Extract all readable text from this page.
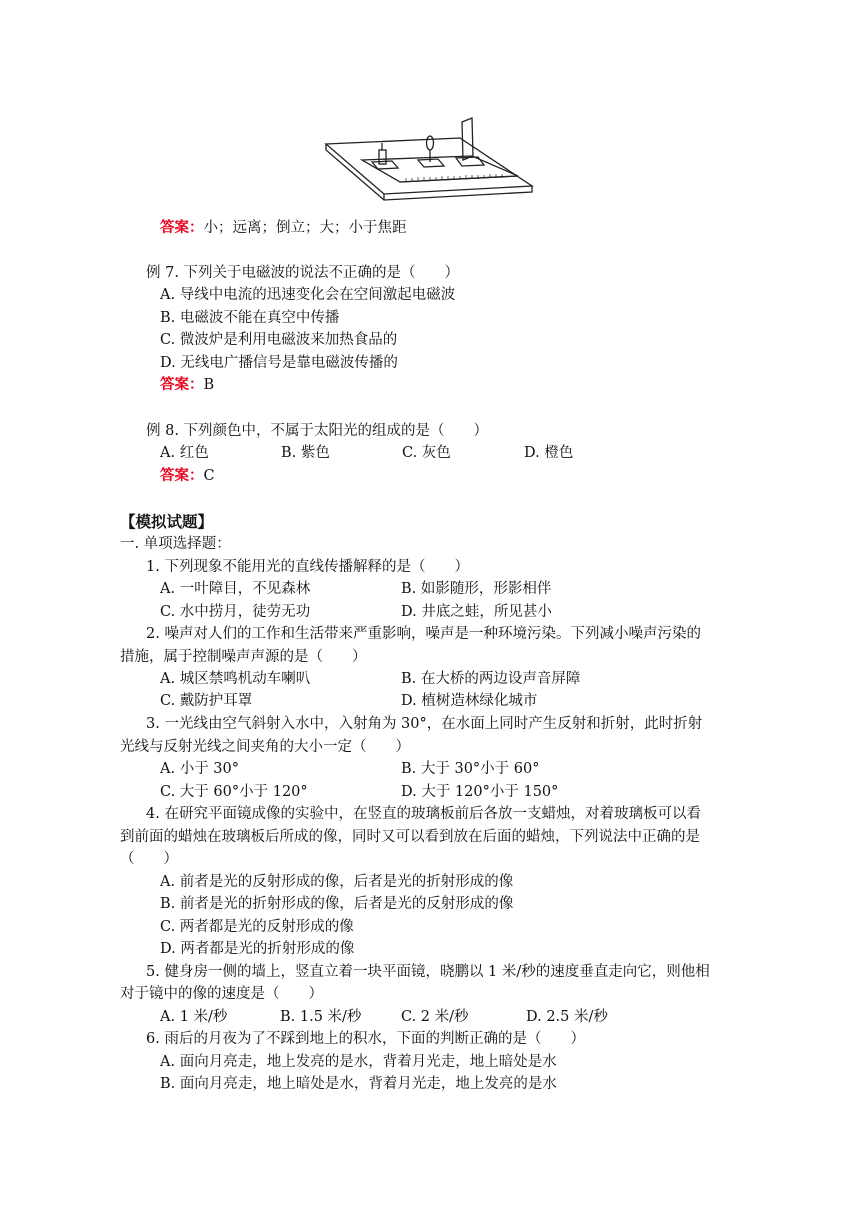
答案：小；远离；倒立；大；小于焦距
例 7. 下列关于电磁波的说法不正确的是（　　）
A. 导线中电流的迅速变化会在空间激起电磁波
B. 电磁波不能在真空中传播
C. 微波炉是利用电磁波来加热食品的
D. 无线电广播信号是靠电磁波传播的
答案：B
例 8. 下列颜色中，不属于太阳光的组成的是（　　）
A. 红色	B. 紫色	C. 灰色	D. 橙色
答案：C
【模拟试题】
一. 单项选择题：
1. 下列现象不能用光的直线传播解释的是（　　）
A. 一叶障目，不见森林	B. 如影随形，形影相伴
C. 水中捞月，徒劳无功	D. 井底之蛙，所见甚小
2. 噪声对人们的工作和生活带来严重影响，噪声是一种环境污染。下列减小噪声污染的
措施，属于控制噪声声源的是（　　）
A. 城区禁鸣机动车喇叭	B. 在大桥的两边设声音屏障
C. 戴防护耳罩	D. 植树造林绿化城市
3. 一光线由空气斜射入水中，入射角为 30°，在水面上同时产生反射和折射，此时折射
光线与反射光线之间夹角的大小一定（　　）
A. 小于 30°	B. 大于 30°小于 60°
C. 大于 60°小于 120°	D. 大于 120°小于 150°
4. 在研究平面镜成像的实验中，在竖直的玻璃板前后各放一支蜡烛，对着玻璃板可以看
到前面的蜡烛在玻璃板后所成的像，同时又可以看到放在后面的蜡烛，下列说法中正确的是
（　　）
A. 前者是光的反射形成的像，后者是光的折射形成的像
B. 前者是光的折射形成的像，后者是光的反射形成的像
C. 两者都是光的反射形成的像
D. 两者都是光的折射形成的像
5. 健身房一侧的墙上，竖直立着一块平面镜，晓鹏以 1 米/秒的速度垂直走向它，则他相
对于镜中的像的速度是（　　）
A. 1 米/秒	B. 1.5 米/秒	C. 2 米/秒	D. 2.5 米/秒
6. 雨后的月夜为了不踩到地上的积水，下面的判断正确的是（　　）
A. 面向月亮走，地上发亮的是水，背着月光走，地上暗处是水
B. 面向月亮走，地上暗处是水，背着月光走，地上发亮的是水
